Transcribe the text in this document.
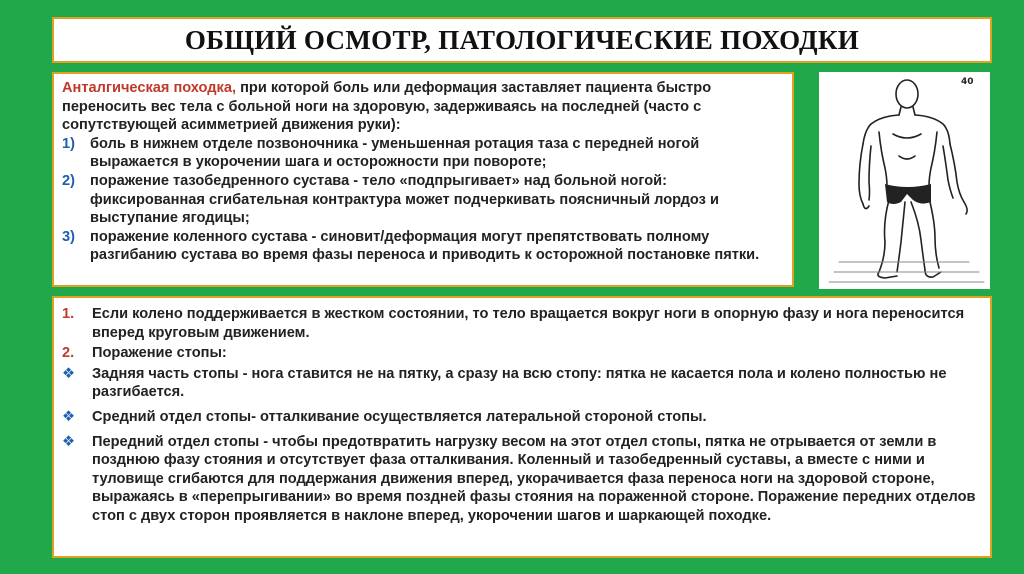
ОБЩИЙ ОСМОТР, ПАТОЛОГИЧЕСКИЕ ПОХОДКИ
Анталгическая походка, при которой боль или деформация заставляет пациента быстро переносить вес тела с больной ноги на здоровую, задерживаясь на последней (часто с сопутствующей асимметрией движения руки):
1)	боль в нижнем отделе позвоночника - уменьшенная ротация таза с передней ногой выражается в укорочении шага и осторожности при повороте;
2)	поражение тазобедренного сустава - тело «подпрыгивает» над больной ногой: фиксированная сгибательная контрактура может подчеркивать поясничный лордоз и выступание ягодицы;
3)	поражение коленного сустава - синовит/деформация могут препятствовать полному разгибанию сустава во время фазы переноса и приводить к осторожной постановке пятки.
40
1.	Если колено поддерживается в жестком состоянии, то тело вращается вокруг ноги в опорную фазу и нога переносится вперед круговым движением.
2.	Поражение стопы:
❖	Задняя часть стопы - нога ставится не на пятку, а сразу на всю стопу: пятка не касается пола и колено полностью не разгибается.
❖	Средний отдел стопы- отталкивание осуществляется латеральной стороной стопы.
❖	Передний отдел стопы - чтобы предотвратить нагрузку весом на этот отдел стопы, пятка не отрывается от земли в позднюю фазу стояния и отсутствует фаза отталкивания. Коленный и тазобедренный суставы, а вместе с ними и туловище сгибаются для поддержания движения вперед, укорачивается фаза переноса ноги на здоровой стороне, выражаясь в «перепрыгивании» во время поздней фазы стояния на пораженной стороне. Поражение передних отделов стоп с двух сторон проявляется в наклоне вперед, укорочении шагов и шаркающей походке.
